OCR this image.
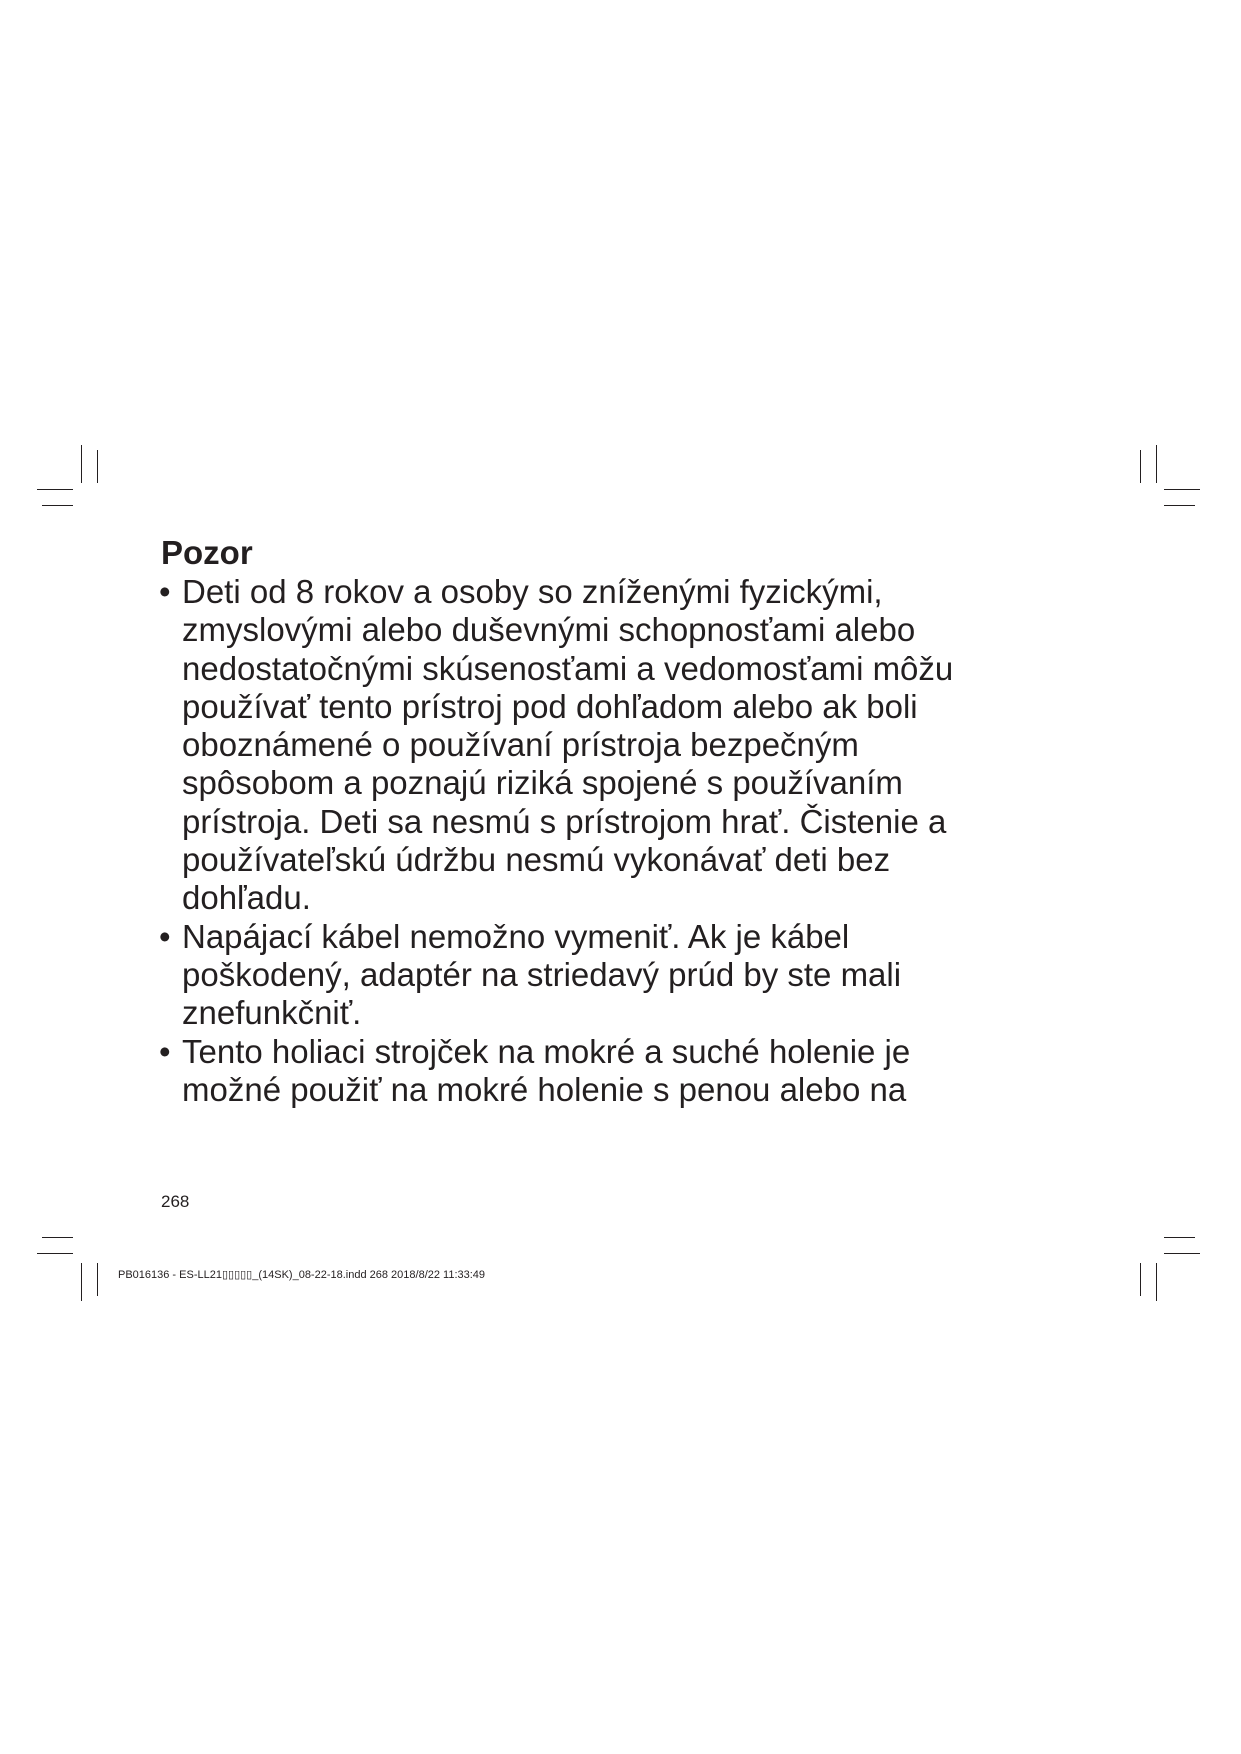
Pozor
• Deti od 8 rokov a osoby so zníženými fyzickými,
zmyslovými alebo duševnými schopnosťami alebo
nedostatočnými skúsenosťami a vedomosťami môžu
používať tento prístroj pod dohľadom alebo ak boli
oboznámené o používaní prístroja bezpečným
spôsobom a poznajú riziká spojené s používaním
prístroja. Deti sa nesmú s prístrojom hrať. Čistenie a
používateľskú údržbu nesmú vykonávať deti bez
dohľadu.
• Napájací kábel nemožno vymeniť. Ak je kábel
poškodený, adaptér na striedavý prúd by ste mali
znefunkčniť.
• Tento holiaci strojček na mokré a suché holenie je
možné použiť na mokré holenie s penou alebo na
268
PB016136 - ES-LL21▯▯▯▯▯_(14SK)_08-22-18.indd 268 2018/8/22 11:33:49
